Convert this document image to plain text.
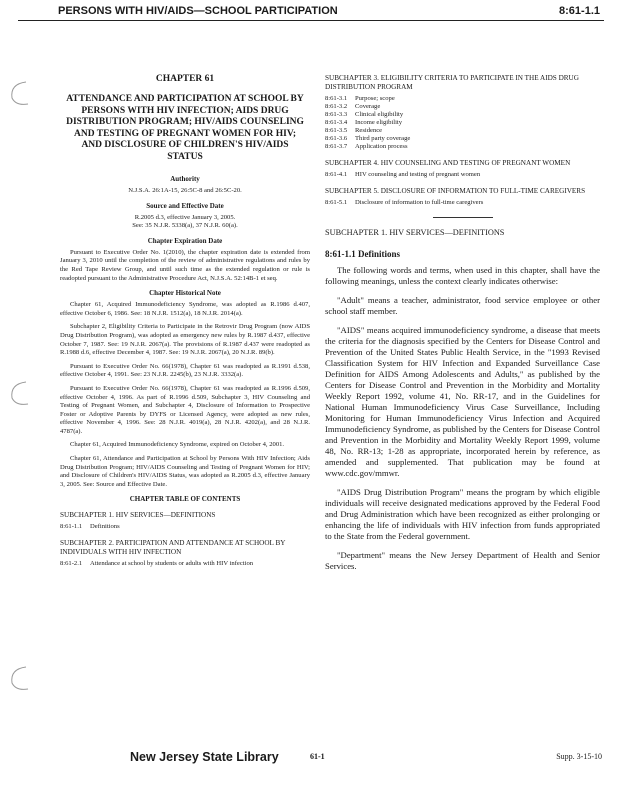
PERSONS WITH HIV/AIDS—SCHOOL PARTICIPATION	8:61-1.1
CHAPTER 61
ATTENDANCE AND PARTICIPATION AT SCHOOL BY PERSONS WITH HIV INFECTION; AIDS DRUG DISTRIBUTION PROGRAM; HIV/AIDS COUNSELING AND TESTING OF PREGNANT WOMEN FOR HIV; AND DISCLOSURE OF CHILDREN'S HIV/AIDS STATUS
Authority
N.J.S.A. 26:1A-15, 26:5C-8 and 26:5C-20.
Source and Effective Date
R.2005 d.3, effective January 3, 2005.
See: 35 N.J.R. 5338(a), 37 N.J.R. 60(a).
Chapter Expiration Date

Pursuant to Executive Order No. 1(2010), the chapter expiration date is extended from January 3, 2010 until the completion of the review of administrative regulations and rules by the Red Tape Review Group, and until such time as the extended regulation or rule is readopted pursuant to the Administrative Procedure Act, N.J.S.A. 52:14B-1 et seq.

Chapter Historical Note

Chapter 61, Acquired Immunodeficiency Syndrome, was adopted as R.1986 d.407, effective October 6, 1986. See: 18 N.J.R. 1512(a), 18 N.J.R. 2014(a).

Subchapter 2, Eligibility Criteria to Participate in the Retrovir Drug Program (now AIDS Drug Distribution Program), was adopted as emergency new rules by R.1987 d.437, effective October 7, 1987. See: 19 N.J.R. 2067(a). The provisions of R.1987 d.437 were readopted as R.1988 d.6, effective December 4, 1987. See: 19 N.J.R. 2067(a), 20 N.J.R. 89(b).

Pursuant to Executive Order No. 66(1978), Chapter 61 was readopted as R.1991 d.538, effective October 4, 1991. See: 23 N.J.R. 2245(b), 23 N.J.R. 3332(a).

Pursuant to Executive Order No. 66(1978), Chapter 61 was readopted as R.1996 d.509, effective October 4, 1996. As part of R.1996 d.509, Subchapter 3, HIV Counseling and Testing of Pregnant Women, and Subchapter 4, Disclosure of Information to Prospective Foster or Adoptive Parents by DYFS or Licensed Agency, were adopted as new rules, effective November 4, 1996. See: 28 N.J.R. 4019(a), 28 N.J.R. 4202(a), and 28 N.J.R. 4787(a).

Chapter 61, Acquired Immunodeficiency Syndrome, expired on October 4, 2001.

Chapter 61, Attendance and Participation at School by Persons With HIV Infection; Aids Drug Distribution Program; HIV/AIDS Counseling and Testing of Pregnant Women for HIV; and Disclosure of Children's HIV/AIDS Status, was adopted as R.2005 d.3, effective January 3, 2005. See: Source and Effective Date.

CHAPTER TABLE OF CONTENTS
SUBCHAPTER 1. HIV SERVICES—DEFINITIONS
8:61-1.1	Definitions
SUBCHAPTER 2. PARTICIPATION AND ATTENDANCE AT SCHOOL BY INDIVIDUALS WITH HIV INFECTION
8:61-2.1	Attendance at school by students or adults with HIV infection
SUBCHAPTER 3. ELIGIBILITY CRITERIA TO PARTICIPATE IN THE AIDS DRUG DISTRIBUTION PROGRAM
8:61-3.1	Purpose; scope
8:61-3.2	Coverage
8:61-3.3	Clinical eligibility
8:61-3.4	Income eligibility
8:61-3.5	Residence
8:61-3.6	Third party coverage
8:61-3.7	Application process
SUBCHAPTER 4. HIV COUNSELING AND TESTING OF PREGNANT WOMEN
8:61-4.1	HIV counseling and testing of pregnant women
SUBCHAPTER 5. DISCLOSURE OF INFORMATION TO FULL-TIME CAREGIVERS
8:61-5.1	Disclosure of information to full-time caregivers
SUBCHAPTER 1. HIV SERVICES—DEFINITIONS
8:61-1.1 Definitions

The following words and terms, when used in this chapter, shall have the following meanings, unless the context clearly indicates otherwise:

"Adult" means a teacher, administrator, food service employee or other school staff member.

"AIDS" means acquired immunodeficiency syndrome, a disease that meets the criteria for the diagnosis specified by the Centers for Disease Control and Prevention of the United States Public Health Service, in the "1993 Revised Classification System for HIV Infection and Expanded Surveillance Case Definition for AIDS Among Adolescents and Adults," as published by the Centers for Disease Control and Prevention in the Morbidity and Mortality Weekly Report 1992, volume 41, No. RR-17, and in the Guidelines for National Human Immunodeficiency Virus Case Surveillance, Including Monitoring for Human Immunodeficiency Virus Infection and Acquired Immunodeficiency Syndrome, as published by the Centers for Disease Control and Prevention in the Morbidity and Mortality Weekly Report 1999, volume 48, No. RR-13; 1-28 as appropriate, incorporated herein by reference, as amended and supplemented. That publication may be found at www.cdc.gov/mmwr.

"AIDS Drug Distribution Program" means the program by which eligible individuals will receive designated medications approved by the Federal Food and Drug Administration which have been recognized as either prolonging or enhancing the life of individuals with HIV infection from funds appropriated to the State from the Federal government.

"Department" means the New Jersey Department of Health and Senior Services.

New Jersey State Library	61-1	Supp. 3-15-10
